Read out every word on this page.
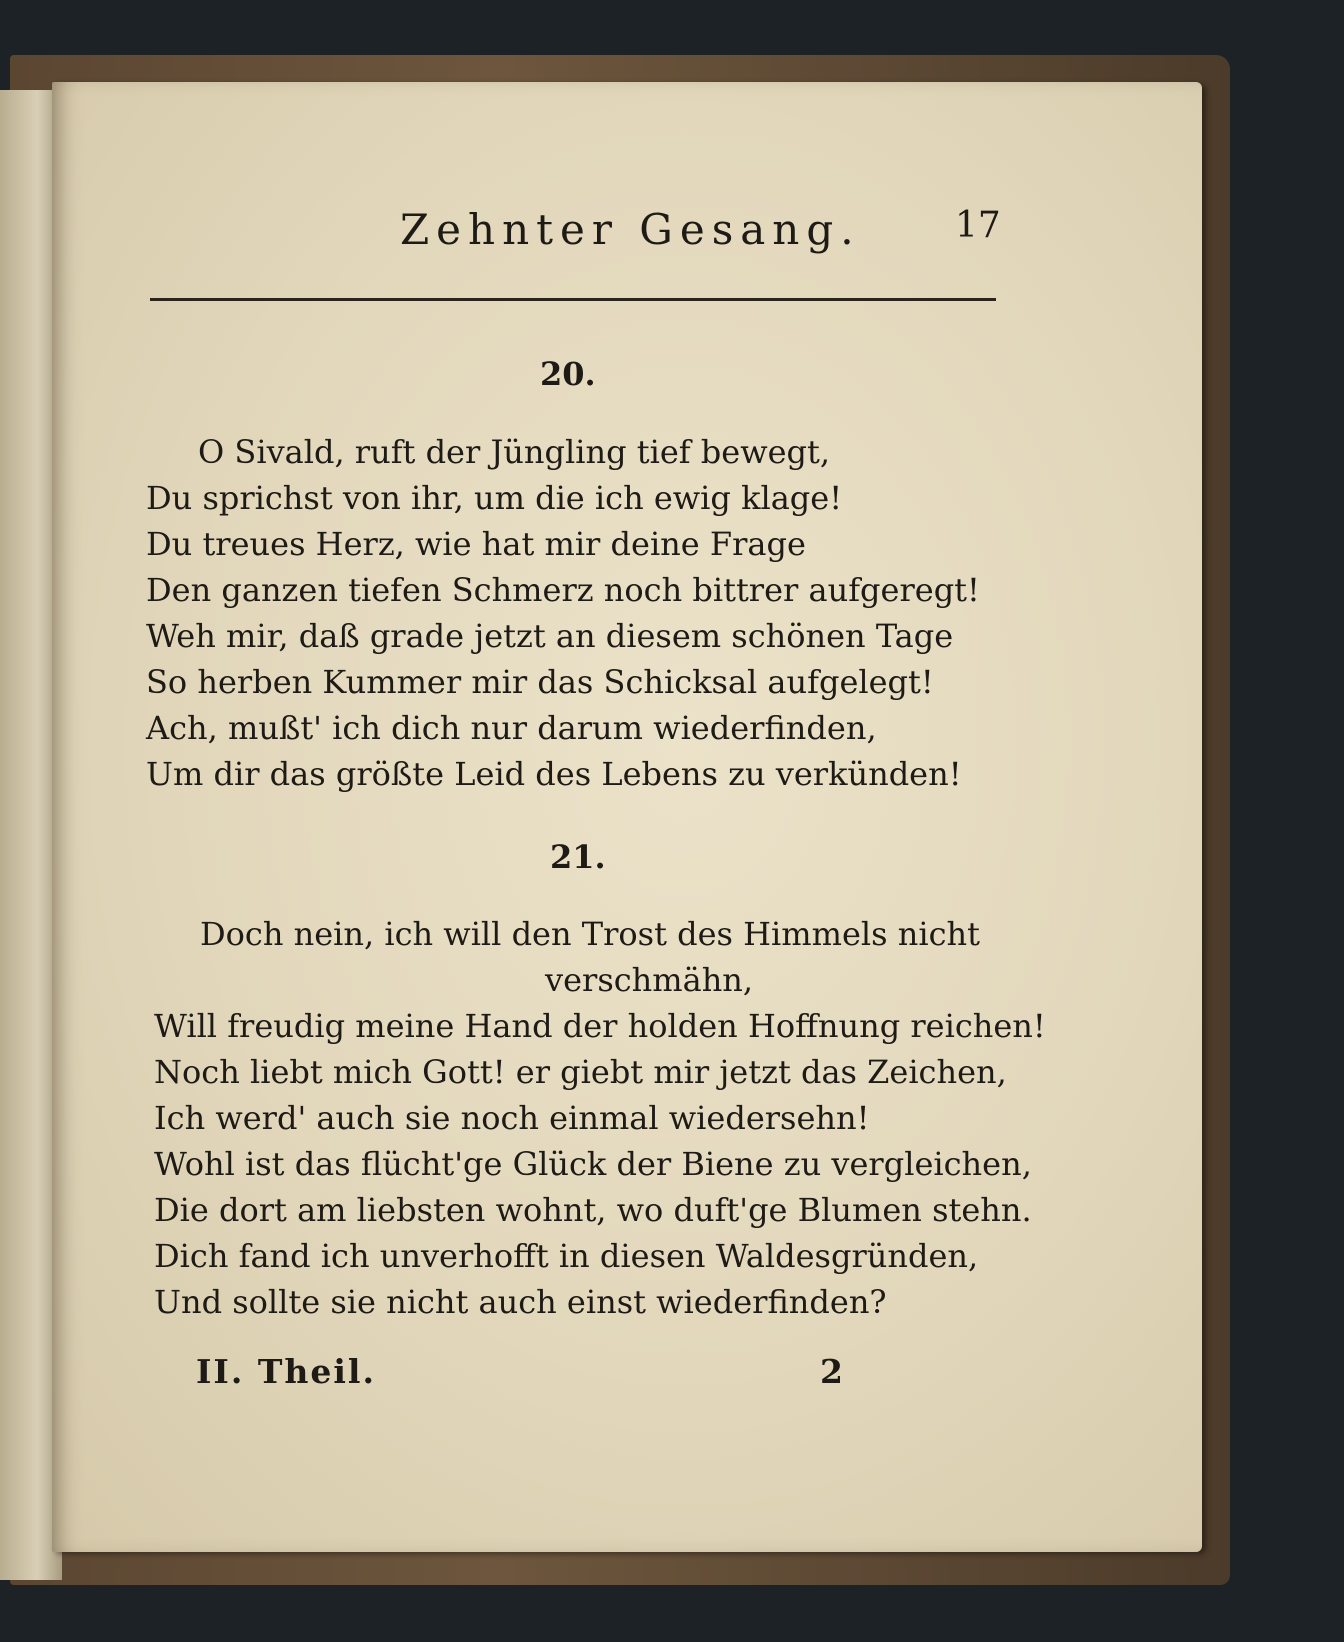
Zehnter Gesang.	17
20.
O Sivald, ruft der Jüngling tief bewegt,
Du sprichst von ihr, um die ich ewig klage!
Du treues Herz, wie hat mir deine Frage
Den ganzen tiefen Schmerz noch bittrer aufgeregt!
Weh mir, daß grade jetzt an diesem schönen Tage
So herben Kummer mir das Schicksal aufgelegt!
Ach, mußt' ich dich nur darum wiederfinden,
Um dir das größte Leid des Lebens zu verkünden!
21.
Doch nein, ich will den Trost des Himmels nicht
verschmähn,
Will freudig meine Hand der holden Hoffnung reichen!
Noch liebt mich Gott! er giebt mir jetzt das Zeichen,
Ich werd' auch sie noch einmal wiedersehn!
Wohl ist das flücht'ge Glück der Biene zu vergleichen,
Die dort am liebsten wohnt, wo duft'ge Blumen stehn.
Dich fand ich unverhofft in diesen Waldesgründen,
Und sollte sie nicht auch einst wiederfinden?
II. Theil.	2
